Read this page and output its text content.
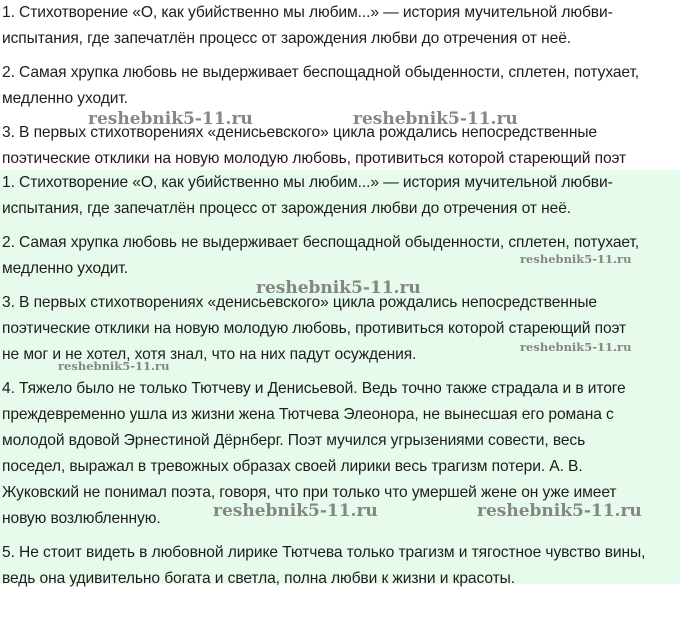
1. Стихотворение «О, как убийственно мы любим...» — история мучительной любви-
испытания, где запечатлён процесс от зарождения любви до отречения от неё.

2. Самая хрупка любовь не выдерживает беспощадной обыденности, сплетен, потухает,
медленно уходит.

3. В первых стихотворениях «денисьевского» цикла рождались непосредственные
поэтические отклики на новую молодую любовь, противиться которой стареющий поэт

1. Стихотворение «О, как убийственно мы любим...» — история мучительной любви-
испытания, где запечатлён процесс от зарождения любви до отречения от неё.

2. Самая хрупка любовь не выдерживает беспощадной обыденности, сплетен, потухает,
медленно уходит.

3. В первых стихотворениях «денисьевского» цикла рождались непосредственные
поэтические отклики на новую молодую любовь, противиться которой стареющий поэт
не мог и не хотел, хотя знал, что на них падут осуждения.

4. Тяжело было не только Тютчеву и Денисьевой. Ведь точно также страдала и в итоге
преждевременно ушла из жизни жена Тютчева Элеонора, не вынесшая его романа с
молодой вдовой Эрнестиной Дёрнберг. Поэт мучился угрызениями совести, весь
поседел, выражал в тревожных образах своей лирики весь трагизм потери. А. В.
Жуковский не понимал поэта, говоря, что при только что умершей жене он уже имеет
новую возлюбленную.

5. Не стоит видеть в любовной лирике Тютчева только трагизм и тягостное чувство вины,
ведь она удивительно богата и светла, полна любви к жизни и красоты.

reshebnik5-11.ru	reshebnik5-11.ru
reshebnik5-11.ru
reshebnik5-11.ru
reshebnik5-11.ru
reshebnik5-11.ru
reshebnik5-11.ru	reshebnik5-11.ru
